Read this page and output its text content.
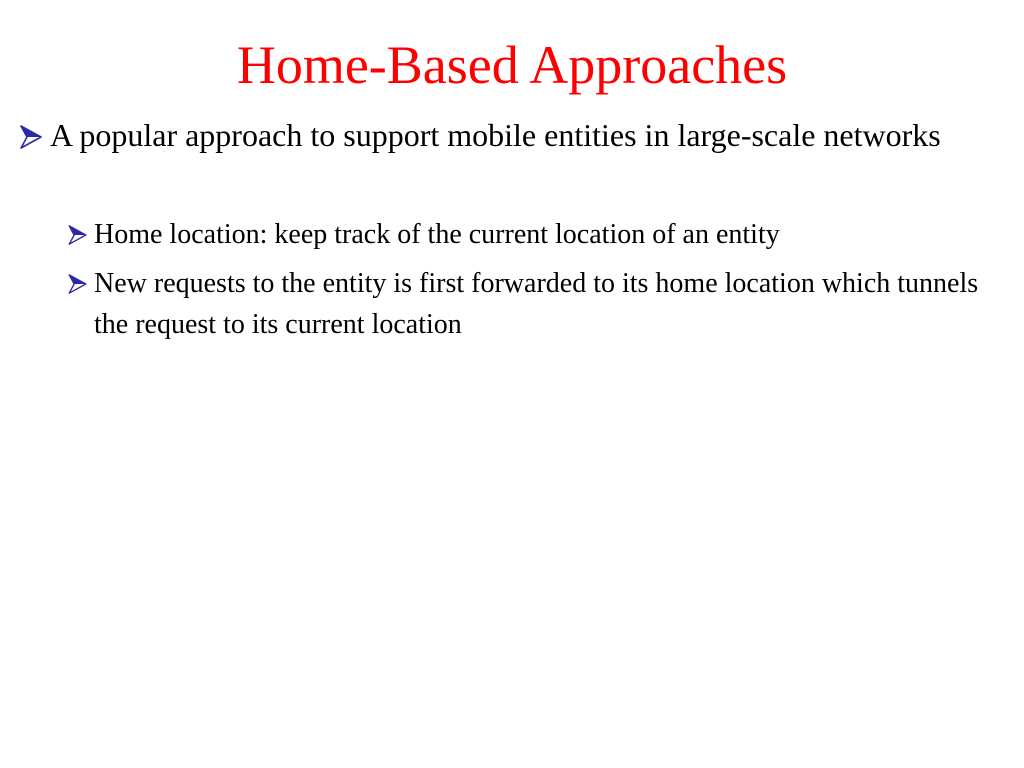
Home-Based Approaches
A popular approach to support mobile entities in large-scale networks
Home location: keep track of the current location of an entity
New requests to the entity is first forwarded to its home location which tunnels the request to its current location
